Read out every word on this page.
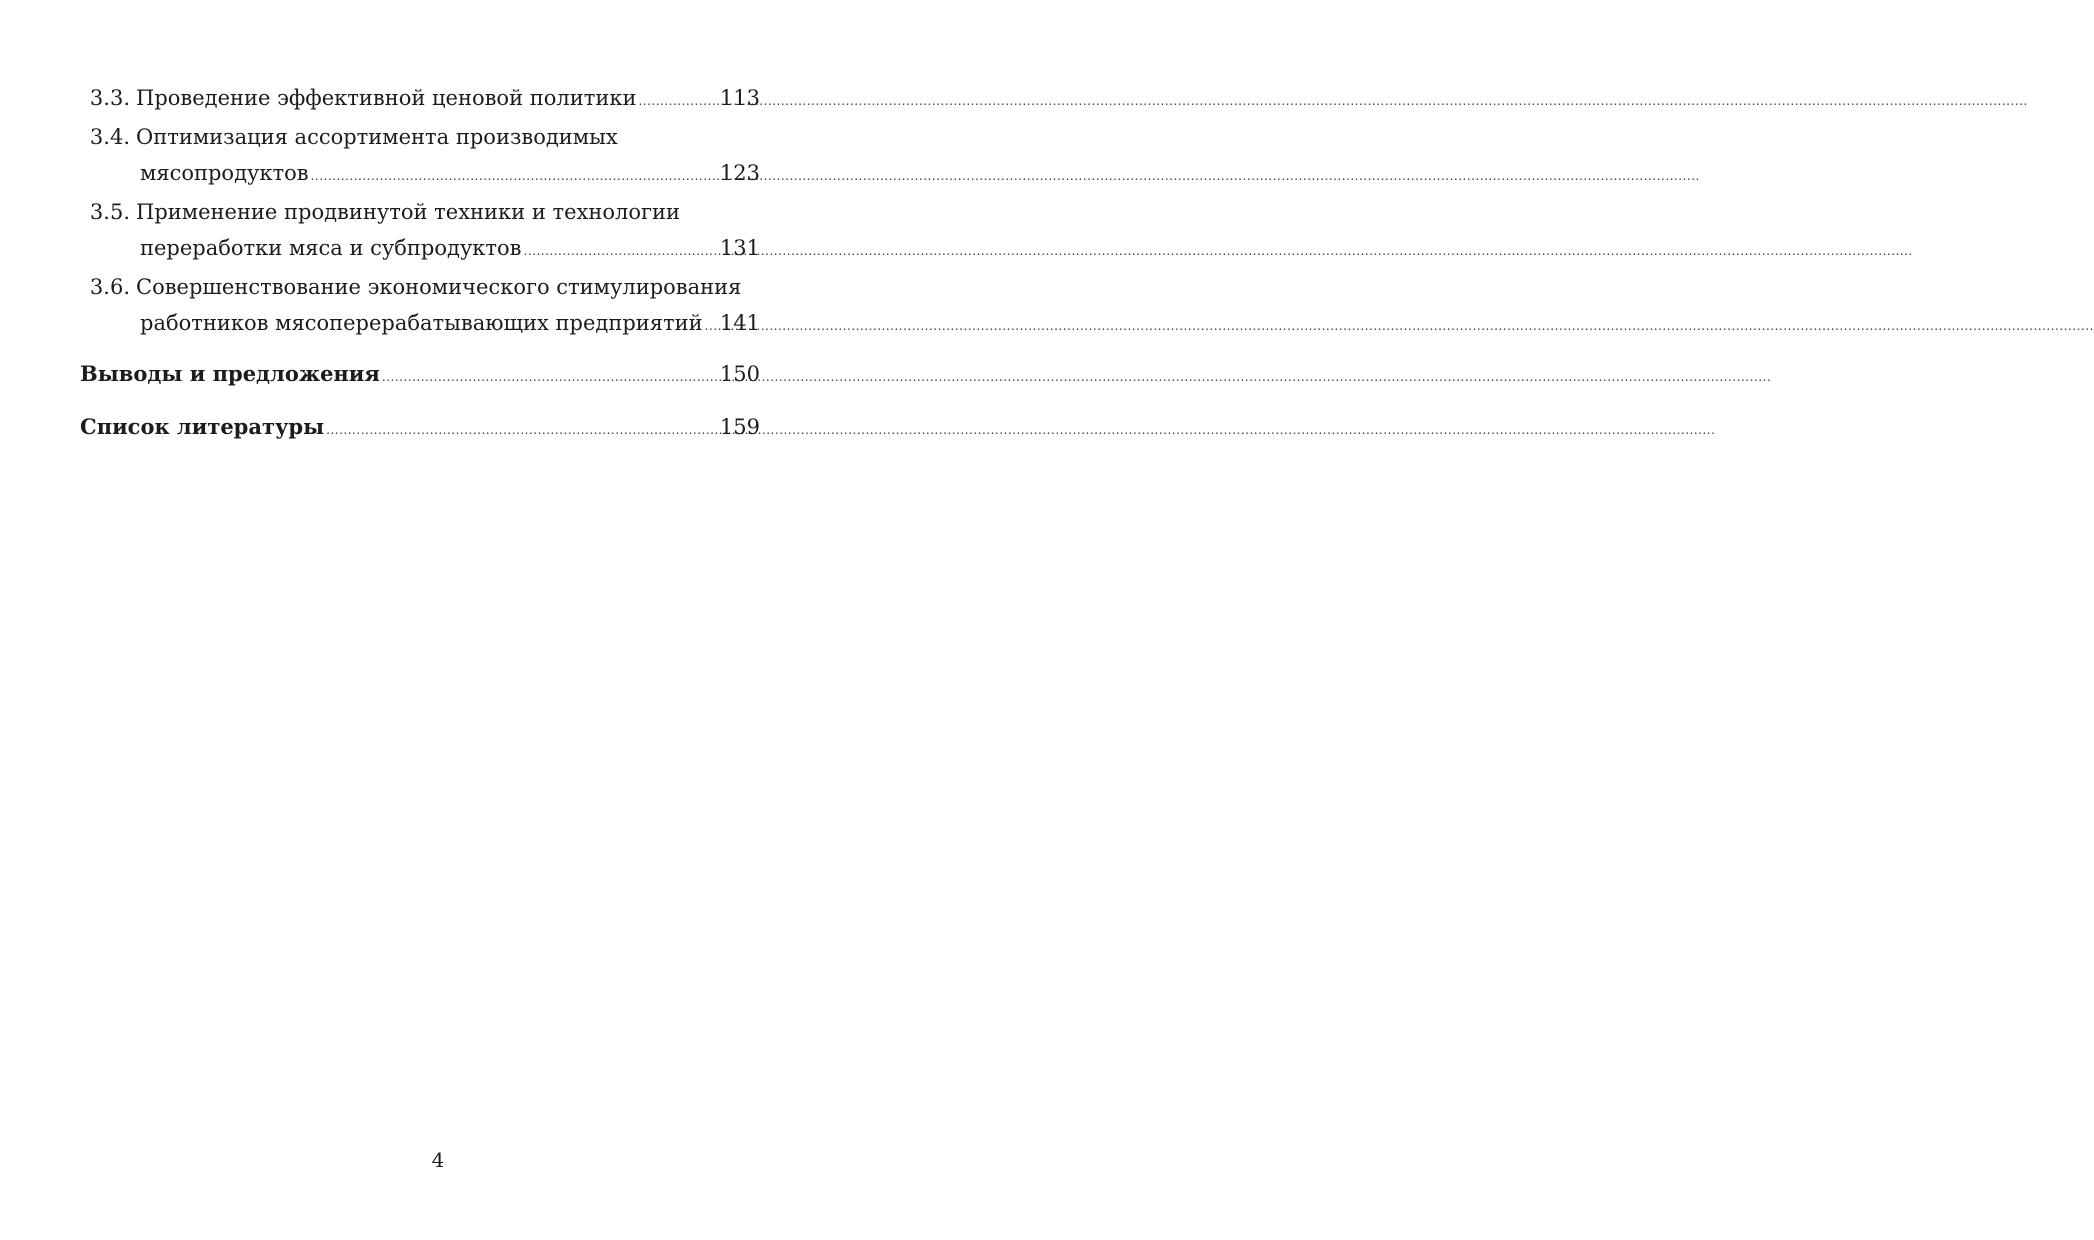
3.3. Проведение эффективной ценовой политики .....	113
3.4. Оптимизация ассортимента производимых
мясопродуктов .....	123
3.5. Применение продвинутой техники и технологии
переработки мяса и субпродуктов .....	131
3.6. Совершенствование экономического стимулирования
работников мясоперерабатывающих предприятий ..... 141
Выводы и предложения .....	150
Список литературы .....	159
4
